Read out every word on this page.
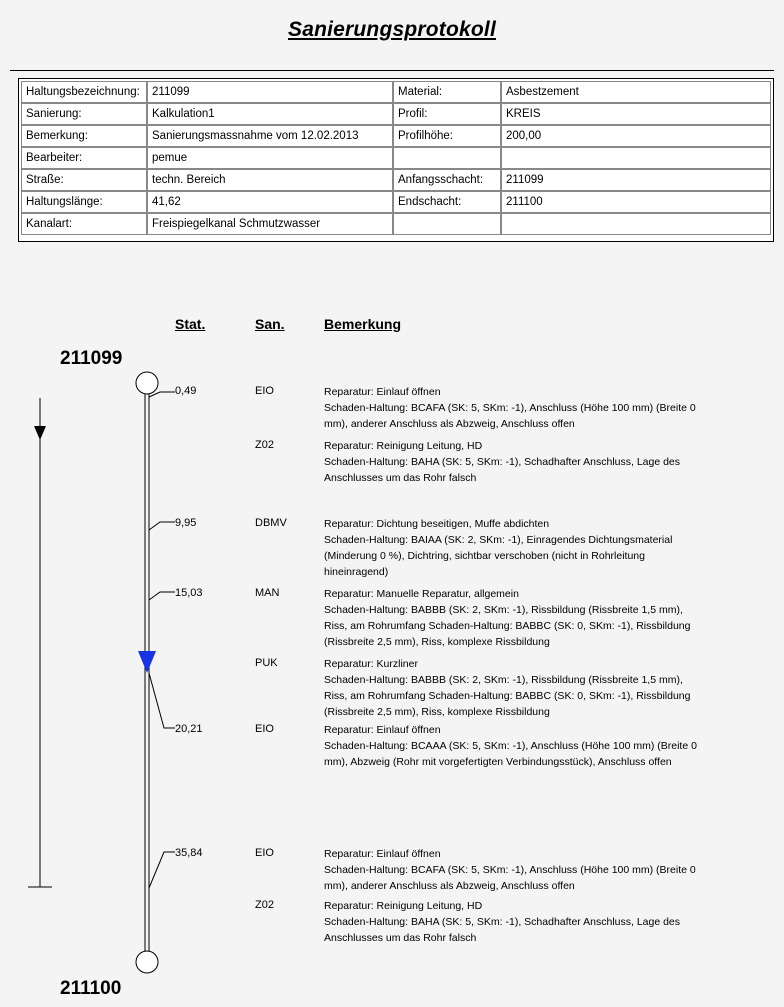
Sanierungsprotokoll
Haltungsbezeichnung:	211099	Material:	Asbestzement
Sanierung:	Kalkulation1	Profil:	KREIS
Bemerkung:	Sanierungsmassnahme vom 12.02.2013	Profilhöhe:	200,00
Bearbeiter:	pemue		
Straße:	techn. Bereich	Anfangsschacht:	211099
Haltungslänge:	41,62	Endschacht:	211100
Kanalart:	Freispiegelkanal Schmutzwasser		
Stat.	San.	Bemerkung
211099
211100
0,49	EIO	Reparatur: Einlauf öffnen
Schaden-Haltung: BCAFA (SK: 5, SKm: -1), Anschluss (Höhe 100 mm) (Breite 0
mm), anderer Anschluss als Abzweig, Anschluss offen
Z02	Reparatur: Reinigung Leitung, HD
Schaden-Haltung: BAHA (SK: 5, SKm: -1), Schadhafter Anschluss, Lage des
Anschlusses um das Rohr falsch
9,95	DBMV	Reparatur: Dichtung beseitigen, Muffe abdichten
Schaden-Haltung: BAIAA (SK: 2, SKm: -1), Einragendes Dichtungsmaterial
(Minderung 0 %), Dichtring, sichtbar verschoben (nicht in Rohrleitung
hineinragend)
15,03	MAN	Reparatur: Manuelle Reparatur, allgemein
Schaden-Haltung: BABBB (SK: 2, SKm: -1), Rissbildung (Rissbreite 1,5 mm),
Riss, am Rohrumfang Schaden-Haltung: BABBC (SK: 0, SKm: -1), Rissbildung
(Rissbreite 2,5 mm), Riss, komplexe Rissbildung
PUK	Reparatur: Kurzliner
Schaden-Haltung: BABBB (SK: 2, SKm: -1), Rissbildung (Rissbreite 1,5 mm),
Riss, am Rohrumfang Schaden-Haltung: BABBC (SK: 0, SKm: -1), Rissbildung
(Rissbreite 2,5 mm), Riss, komplexe Rissbildung
20,21	EIO	Reparatur: Einlauf öffnen
Schaden-Haltung: BCAAA (SK: 5, SKm: -1), Anschluss (Höhe 100 mm) (Breite 0
mm), Abzweig (Rohr mit vorgefertigten Verbindungsstück), Anschluss offen
35,84	EIO	Reparatur: Einlauf öffnen
Schaden-Haltung: BCAFA (SK: 5, SKm: -1), Anschluss (Höhe 100 mm) (Breite 0
mm), anderer Anschluss als Abzweig, Anschluss offen
Z02	Reparatur: Reinigung Leitung, HD
Schaden-Haltung: BAHA (SK: 5, SKm: -1), Schadhafter Anschluss, Lage des
Anschlusses um das Rohr falsch
